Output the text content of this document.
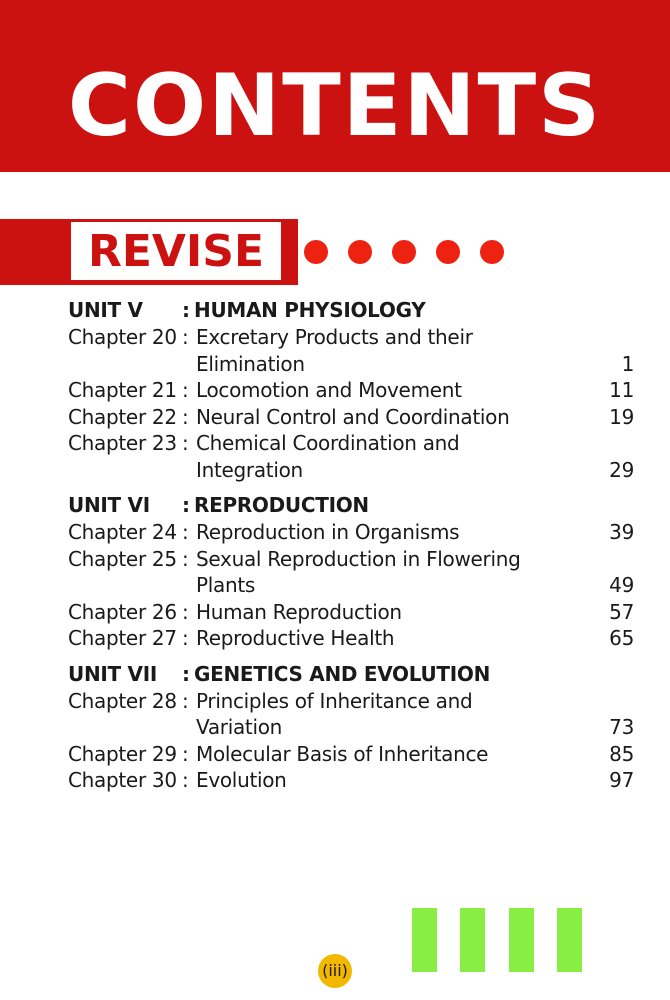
CONTENTS
REVISE
UNIT V : HUMAN PHYSIOLOGY
Chapter 20 : Excretary Products and their Elimination	1
Chapter 21 : Locomotion and Movement	11
Chapter 22 : Neural Control and Coordination	19
Chapter 23 : Chemical Coordination and Integration	29
UNIT VI : REPRODUCTION
Chapter 24 : Reproduction in Organisms	39
Chapter 25 : Sexual Reproduction in Flowering Plants	49
Chapter 26 : Human Reproduction	57
Chapter 27 : Reproductive Health	65
UNIT VII : GENETICS AND EVOLUTION
Chapter 28 : Principles of Inheritance and Variation	73
Chapter 29 : Molecular Basis of Inheritance	85
Chapter 30 : Evolution	97
(iii)
